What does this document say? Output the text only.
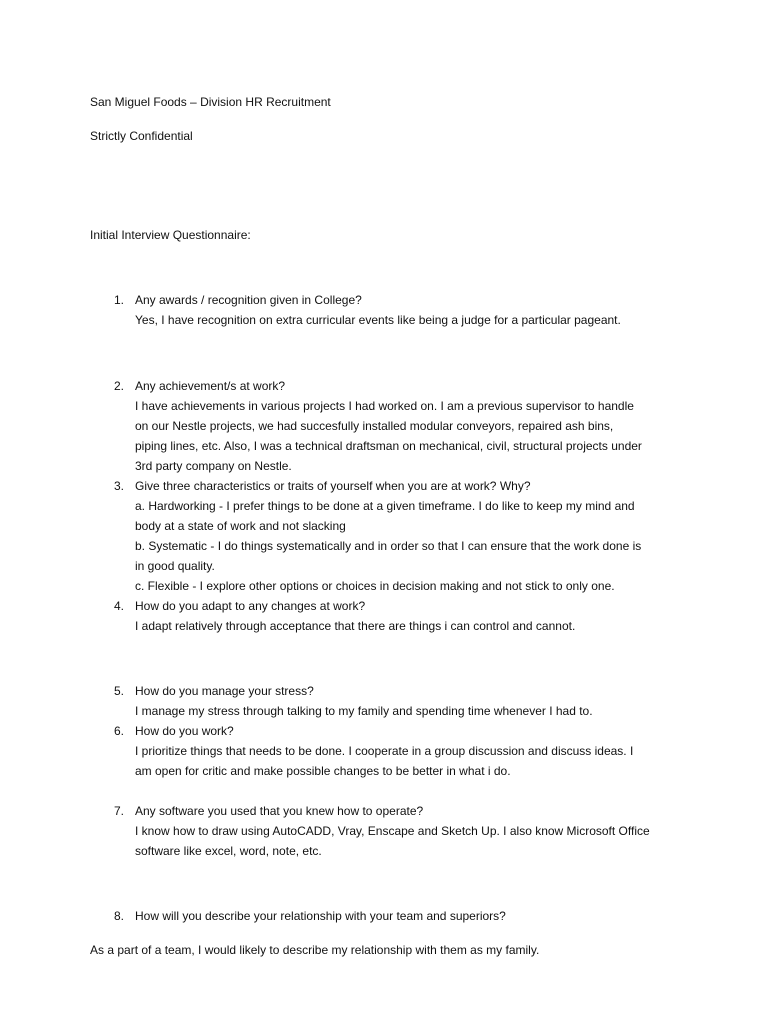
San Miguel Foods – Division HR Recruitment
Strictly Confidential
Initial Interview Questionnaire:
1. Any awards / recognition given in College?
Yes, I have recognition on extra curricular events like being a judge for a particular pageant.
2. Any achievement/s at work?
I have achievements in various projects I had worked on. I am a previous supervisor to handle
on our Nestle projects, we had succesfully installed modular conveyors, repaired ash bins,
piping lines, etc. Also, I was a technical draftsman on mechanical, civil, structural projects under
3rd party company on Nestle.
3. Give three characteristics or traits of yourself when you are at work? Why?
a. Hardworking - I prefer things to be done at a given timeframe. I do like to keep my mind and
body at a state of work and not slacking
b. Systematic - I do things systematically and in order so that I can ensure that the work done is
in good quality.
c. Flexible - I explore other options or choices in decision making and not stick to only one.
4. How do you adapt to any changes at work?
I adapt relatively through acceptance that there are things i can control and cannot.
5. How do you manage your stress?
I manage my stress through talking to my family and spending time whenever I had to.
6. How do you work?
I prioritize things that needs to be done. I cooperate in a group discussion and discuss ideas. I
am open for critic and make possible changes to be better in what i do.
7. Any software you used that you knew how to operate?
I know how to draw using AutoCADD, Vray, Enscape and Sketch Up. I also know Microsoft Office
software like excel, word, note, etc.
8. How will you describe your relationship with your team and superiors?
As a part of a team, I would likely to describe my relationship with them as my family.
